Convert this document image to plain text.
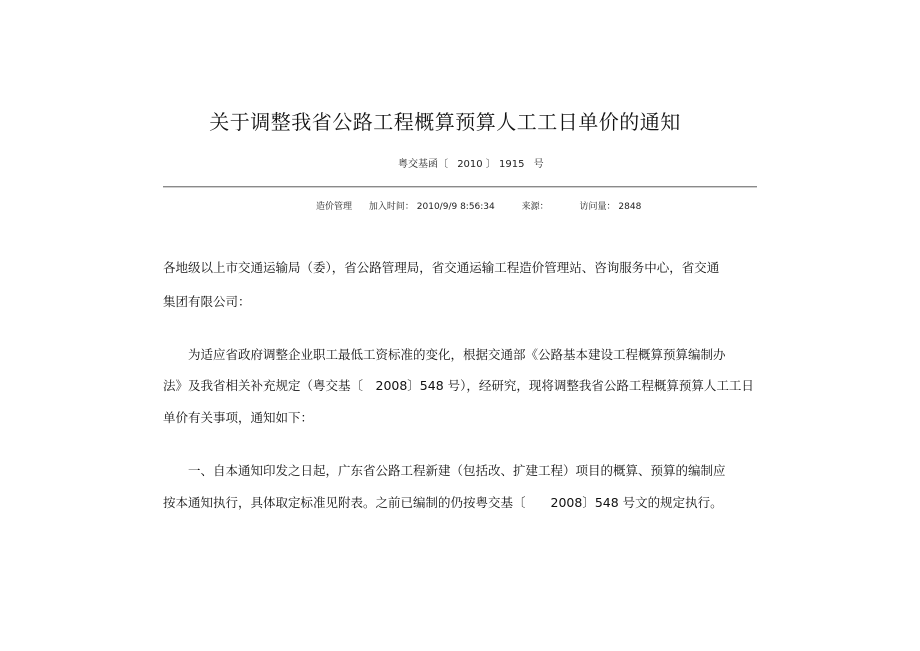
关于调整我省公路工程概算预算人工工日单价的通知
粤交基函〔 2010 〕 1915 号
造价管理 加入时间： 2010/9/9 8:56:34	来源：	访问量： 2848
各地级以上市交通运输局（委），省公路管理局，省交通运输工程造价管理站、咨询服务中心，省交通
集团有限公司：
为适应省政府调整企业职工最低工资标准的变化，根据交通部《公路基本建设工程概算预算编制办
法》及我省相关补充规定（粤交基〔　2008〕548 号），经研究，现将调整我省公路工程概算预算人工工日
单价有关事项，通知如下：
一、自本通知印发之日起，广东省公路工程新建（包括改、扩建工程）项目的概算、预算的编制应
按本通知执行，具体取定标准见附表。之前已编制的仍按粤交基〔　　2008〕548 号文的规定执行。
